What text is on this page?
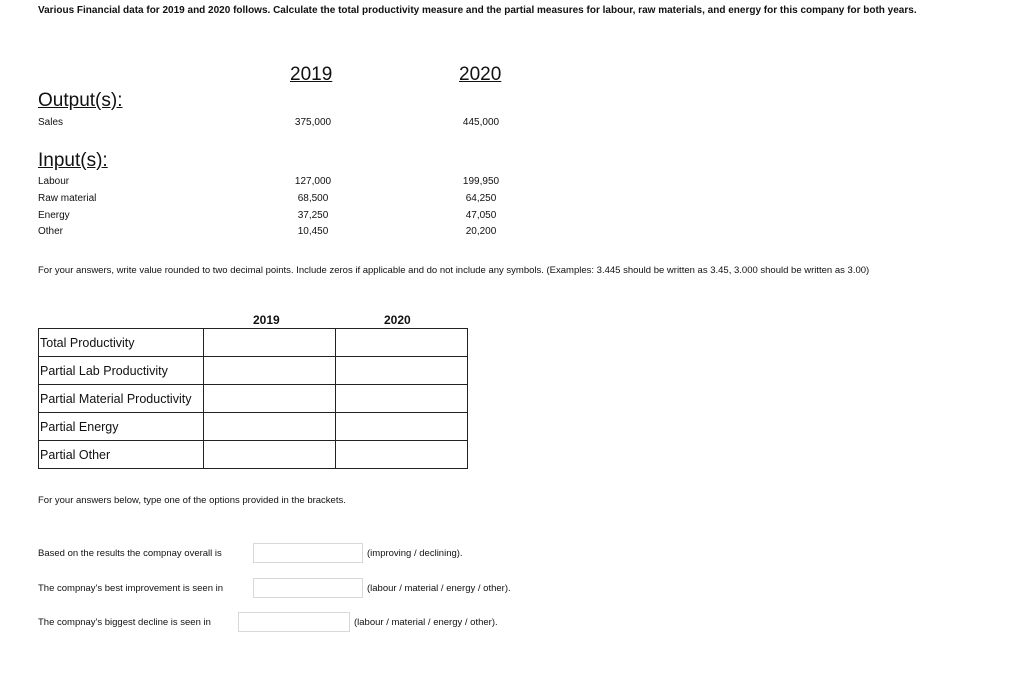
Various Financial data for 2019 and 2020 follows. Calculate the total productivity measure and the partial measures for labour, raw materials, and energy for this company for both years.
2019	2020
Output(s):
Sales	375,000	445,000
Input(s):
Labour	127,000	199,950
Raw material	68,500	64,250
Energy	37,250	47,050
Other	10,450	20,200
For your answers, write value rounded to two decimal points. Include zeros if applicable and do not include any symbols. (Examples: 3.445 should be written as 3.45, 3.000 should be written as 3.00)
2019	2020
Total Productivity		
Partial Lab Productivity		
Partial Material Productivity		
Partial Energy		
Partial Other		
For your answers below, type one of the options provided in the brackets.
Based on the results the compnay overall is	(improving / declining).
The compnay's best improvement is seen in	(labour / material / energy / other).
The compnay's biggest decline is seen in	(labour / material / energy / other).
